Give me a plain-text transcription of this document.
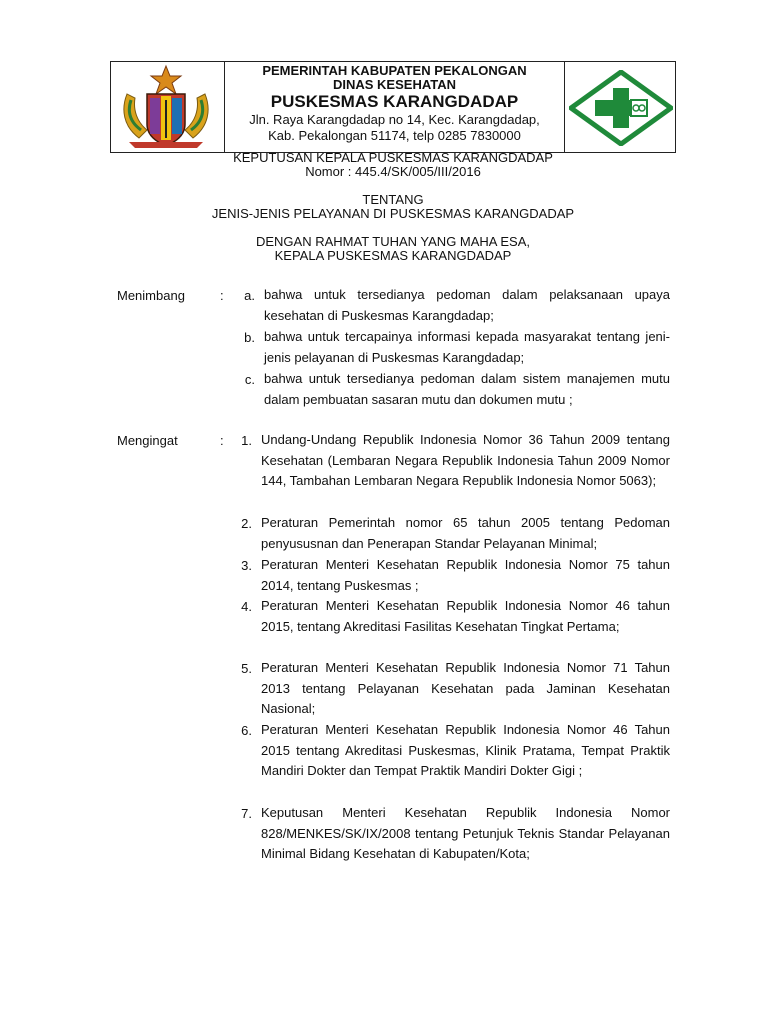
PEMERINTAH KABUPATEN PEKALONGAN
DINAS KESEHATAN
PUSKESMAS KARANGDADAP
Jln. Raya Karangdadap no 14, Kec. Karangdadap,
Kab. Pekalongan 51174, telp 0285 7830000
KEPUTUSAN KEPALA PUSKESMAS KARANGDADAP
Nomor : 445.4/SK/005/III/2016
TENTANG
JENIS-JENIS PELAYANAN DI PUSKESMAS KARANGDADAP
DENGAN RAHMAT TUHAN YANG MAHA ESA,
KEPALA PUSKESMAS KARANGDADAP
Menimbang	:	a. bahwa untuk tersedianya pedoman dalam pelaksanaan upaya kesehatan di Puskesmas Karangdadap;
b. bahwa untuk tercapainya informasi kepada masyarakat tentang jeni-jenis pelayanan di Puskesmas Karangdadap;
c. bahwa untuk tersedianya pedoman dalam sistem manajemen mutu dalam pembuatan sasaran mutu dan dokumen mutu ;
Mengingat	:	1. Undang-Undang Republik Indonesia Nomor 36 Tahun 2009 tentang Kesehatan (Lembaran Negara Republik Indonesia Tahun 2009 Nomor 144, Tambahan Lembaran Negara Republik Indonesia Nomor 5063);
2. Peraturan Pemerintah nomor 65 tahun 2005 tentang Pedoman penyususnan dan Penerapan Standar Pelayanan Minimal;
3. Peraturan Menteri Kesehatan Republik Indonesia Nomor 75 tahun 2014, tentang Puskesmas ;
4. Peraturan Menteri Kesehatan Republik Indonesia Nomor 46 tahun 2015, tentang Akreditasi Fasilitas Kesehatan Tingkat Pertama;
5. Peraturan Menteri Kesehatan Republik Indonesia Nomor 71 Tahun 2013 tentang Pelayanan Kesehatan pada Jaminan Kesehatan Nasional;
6. Peraturan Menteri Kesehatan Republik Indonesia Nomor 46 Tahun 2015 tentang Akreditasi Puskesmas, Klinik Pratama, Tempat Praktik Mandiri Dokter dan Tempat Praktik Mandiri Dokter Gigi ;
7. Keputusan Menteri Kesehatan Republik Indonesia Nomor 828/MENKES/SK/IX/2008 tentang Petunjuk Teknis Standar Pelayanan Minimal Bidang Kesehatan di Kabupaten/Kota;
